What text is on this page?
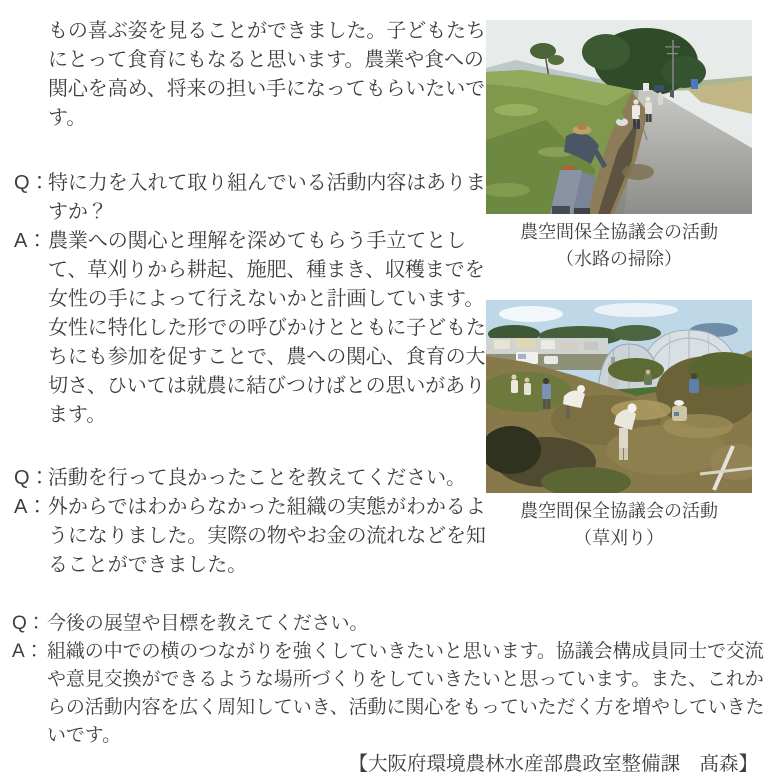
もの喜ぶ姿を見ることができました。子どもたちにとって食育にもなると思います。農業や食への関心を高め、将来の担い手になってもらいたいです。

Q：
特に力を入れて取り組んでいる活動内容はありますか？

A： 農業への関心と理解を深めてもらう手立てとして、草刈りから耕起、施肥、種まき、収穫までを女性の手によって行えないかと計画しています。女性に特化した形での呼びかけとともに子どもたちにも参加を促すことで、農への関心、食育の大切さ、ひいては就農に結びつけばとの思いがあります。

Q：
活動を行って良かったことを教えてください。

A： 外からではわからなかった組織の実態がわかるようになりました。実際の物やお金の流れなどを知ることができました。

Q： 今後の展望や目標を教えてください。

A： 組織の中での横のつながりを強くしていきたいと思います。協議会構成員同士で交流や意見交換ができるような場所づくりをしていきたいと思っています。また、これからの活動内容を広く周知していき、活動に関心をもっていただく方を増やしていきたいです。

【大阪府環境農林水産部農政室整備課　髙森】

農空間保全協議会の活動
（水路の掃除）
農空間保全協議会の活動
（草刈り）
